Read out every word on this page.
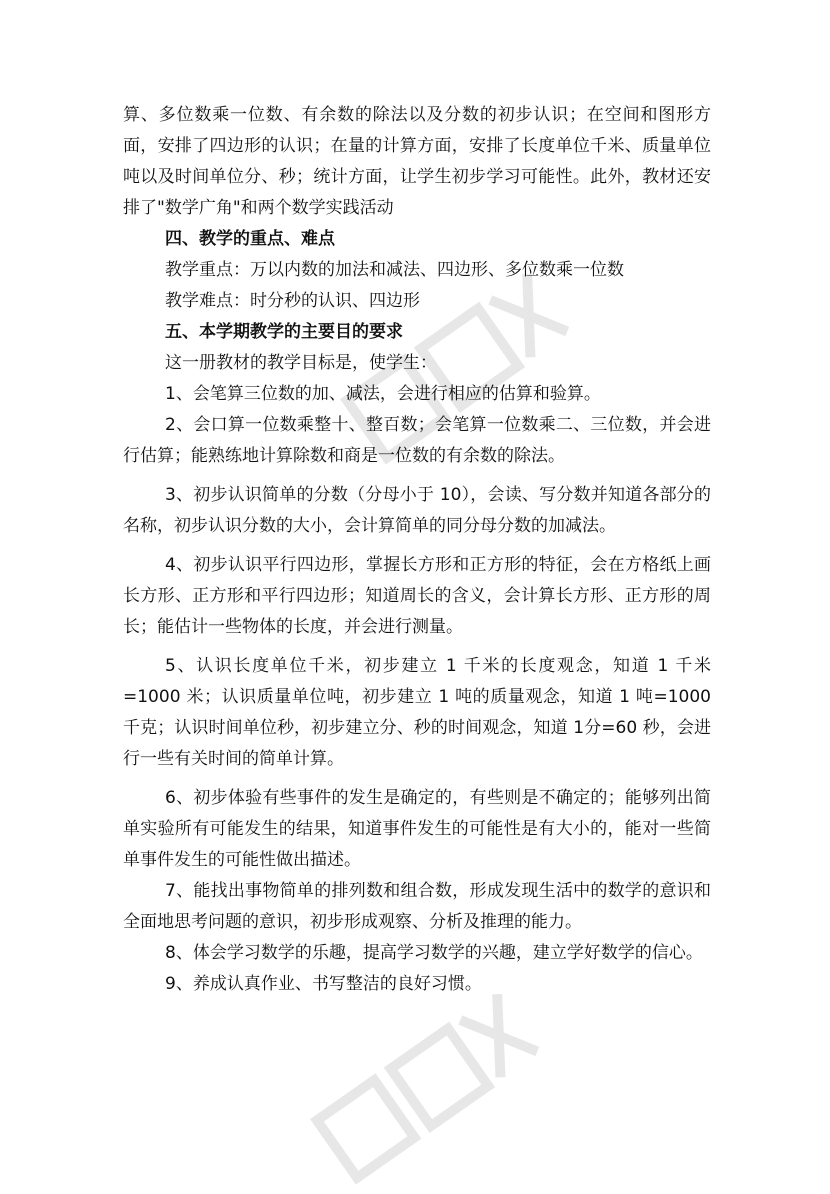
算、多位数乘一位数、有余数的除法以及分数的初步认识；在空间和图形方面，安排了四边形的认识；在量的计算方面，安排了长度单位千米、质量单位吨以及时间单位分、秒；统计方面，让学生初步学习可能性。此外，教材还安排了"数学广角"和两个数学实践活动

四、教学的重点、难点

教学重点：万以内数的加法和减法、四边形、多位数乘一位数

教学难点：时分秒的认识、四边形

五、本学期教学的主要目的要求

这一册教材的教学目标是，使学生：

1、会笔算三位数的加、减法，会进行相应的估算和验算。

2、会口算一位数乘整十、整百数；会笔算一位数乘二、三位数，并会进行估算；能熟练地计算除数和商是一位数的有余数的除法。

3、初步认识简单的分数（分母小于 10），会读、写分数并知道各部分的名称，初步认识分数的大小，会计算简单的同分母分数的加减法。

4、初步认识平行四边形，掌握长方形和正方形的特征，会在方格纸上画长方形、正方形和平行四边形；知道周长的含义，会计算长方形、正方形的周长；能估计一些物体的长度，并会进行测量。

5、认识长度单位千米，初步建立 1 千米的长度观念，知道 1 千米=1000 米；认识质量单位吨，初步建立 1 吨的质量观念，知道 1 吨=1000 千克；认识时间单位秒，初步建立分、秒的时间观念，知道 1分=60 秒，会进行一些有关时间的简单计算。

6、初步体验有些事件的发生是确定的，有些则是不确定的；能够列出简单实验所有可能发生的结果，知道事件发生的可能性是有大小的，能对一些简单事件发生的可能性做出描述。

7、能找出事物简单的排列数和组合数，形成发现生活中的数学的意识和全面地思考问题的意识，初步形成观察、分析及推理的能力。

8、体会学习数学的乐趣，提高学习数学的兴趣，建立学好数学的信心。

9、养成认真作业、书写整洁的良好习惯。
